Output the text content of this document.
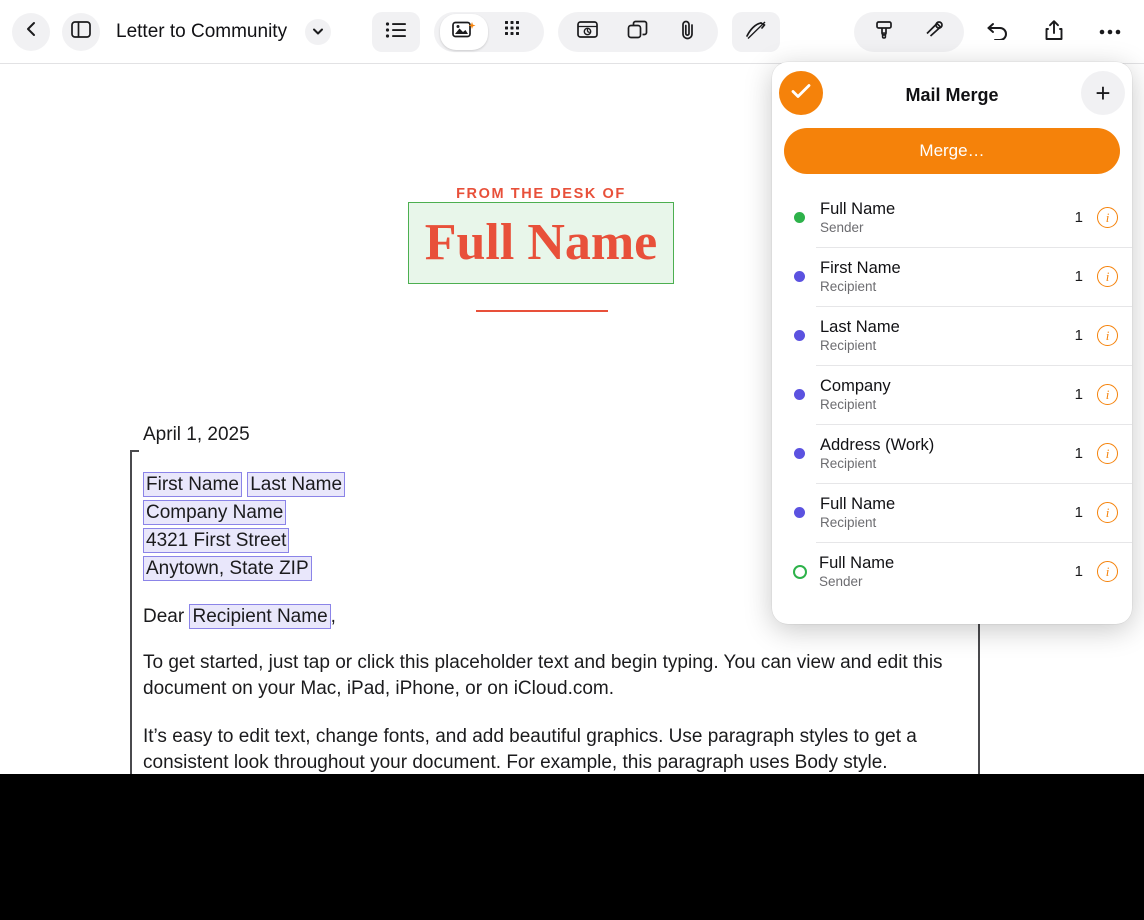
Letter to Community
FROM THE DESK OF
Full Name
April 1, 2025
First Name Last Name
Company Name
4321 First Street
Anytown, State ZIP
Dear Recipient Name ,
To get started, just tap or click this placeholder text and begin typing. You can view and edit this document on your Mac, iPad, iPhone, or on iCloud.com.
It’s easy to edit text, change fonts, and add beautiful graphics. Use paragraph styles to get a consistent look throughout your document. For example, this paragraph uses Body style.
Mail Merge	+
Merge…
Full Name
Sender
1	i
First Name
Recipient
1	i
Last Name
Recipient
1	i
Company
Recipient
1	i
Address (Work)
Recipient
1	i
Full Name
Recipient
1	i
Full Name
Sender
1	i
